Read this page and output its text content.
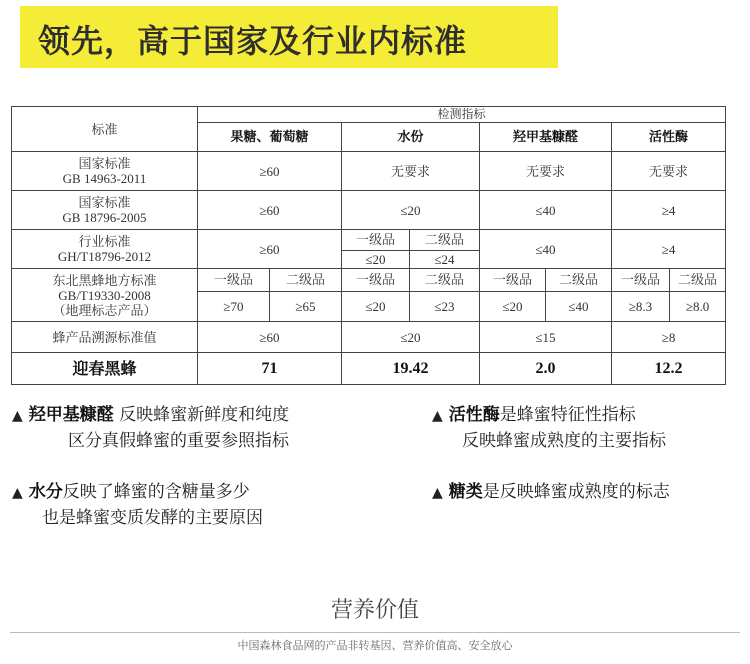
领先，高于国家及行业内标准
标准	检测指标							
	果糖、葡萄糖		水份		羟甲基糠醛		活性酶	
国家标准
GB 14963-2011	≥60		无要求		无要求		无要求	
国家标准
GB 18796-2005	≥60		≤20		≤40		≥4	
行业标准
GH/T18796-2012	≥60		一级品	二级品	≤40		≥4	
			≤20	≤24				
东北黑蜂地方标准
GB/T19330-2008
（地理标志产品）	一级品	二级品	一级品	二级品	一级品	二级品	一级品	二级品
	≥70	≥65	≤20	≤23	≤20	≤40	≥8.3	≥8.0
蜂产品溯源标准值	≥60		≤20		≤15		≥8	
迎春黑蜂	71		19.42		2.0		12.2	
▲ 羟甲基糠醛 反映蜂蜜新鲜度和纯度
区分真假蜂蜜的重要参照指标
▲ 活性酶是蜂蜜特征性指标
反映蜂蜜成熟度的主要指标
▲ 水分反映了蜂蜜的含糖量多少
也是蜂蜜变质发酵的主要原因
▲ 糖类是反映蜂蜜成熟度的标志
营养价值
中国森林食品网的产品非转基因、营养价值高、安全放心
